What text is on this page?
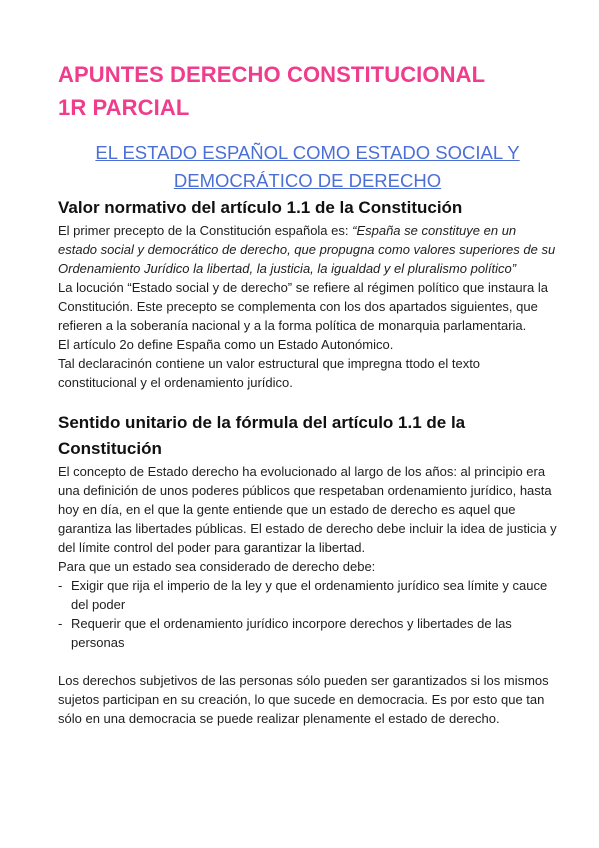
APUNTES DERECHO CONSTITUCIONAL
1R PARCIAL
EL ESTADO ESPAÑOL COMO ESTADO SOCIAL Y
DEMOCRÁTICO DE DERECHO
Valor normativo del artículo 1.1 de la Constitución

El primer precepto de la Constitución española es: “España se constituye en un estado social y democrático de derecho, que propugna como valores superiores de su Ordenamiento Jurídico la libertad, la justicia, la igualdad y el pluralismo político”

La locución “Estado social y de derecho” se refiere al régimen político que instaura la Constitución. Este precepto se complementa con los dos apartados siguientes, que refieren a la soberanía nacional y a la forma política de monarquia parlamentaria.

El artículo 2o define España como un Estado Autonómico.

Tal declaracinón contiene un valor estructural que impregna ttodo el texto constitucional y el ordenamiento jurídico.

Sentido unitario de la fórmula del artículo 1.1 de la Constitución

El concepto de Estado derecho ha evolucionado al largo de los años: al principio era una definición de unos poderes públicos que respetaban ordenamiento jurídico, hasta hoy en día, en el que la gente entiende que un estado de derecho es aquel que garantiza las libertades públicas. El estado de derecho debe incluir la idea de justicia y del límite control del poder para garantizar la libertad.

Para que un estado sea considerado de derecho debe:

- Exigir que rija el imperio de la ley y que el ordenamiento jurídico sea límite y cauce del poder
- Requerir que el ordenamiento jurídico incorpore derechos y libertades de las personas

Los derechos subjetivos de las personas sólo pueden ser garantizados si los mismos sujetos participan en su creación, lo que sucede en democracia. Es por esto que tan sólo en una democracia se puede realizar plenamente el estado de derecho.
